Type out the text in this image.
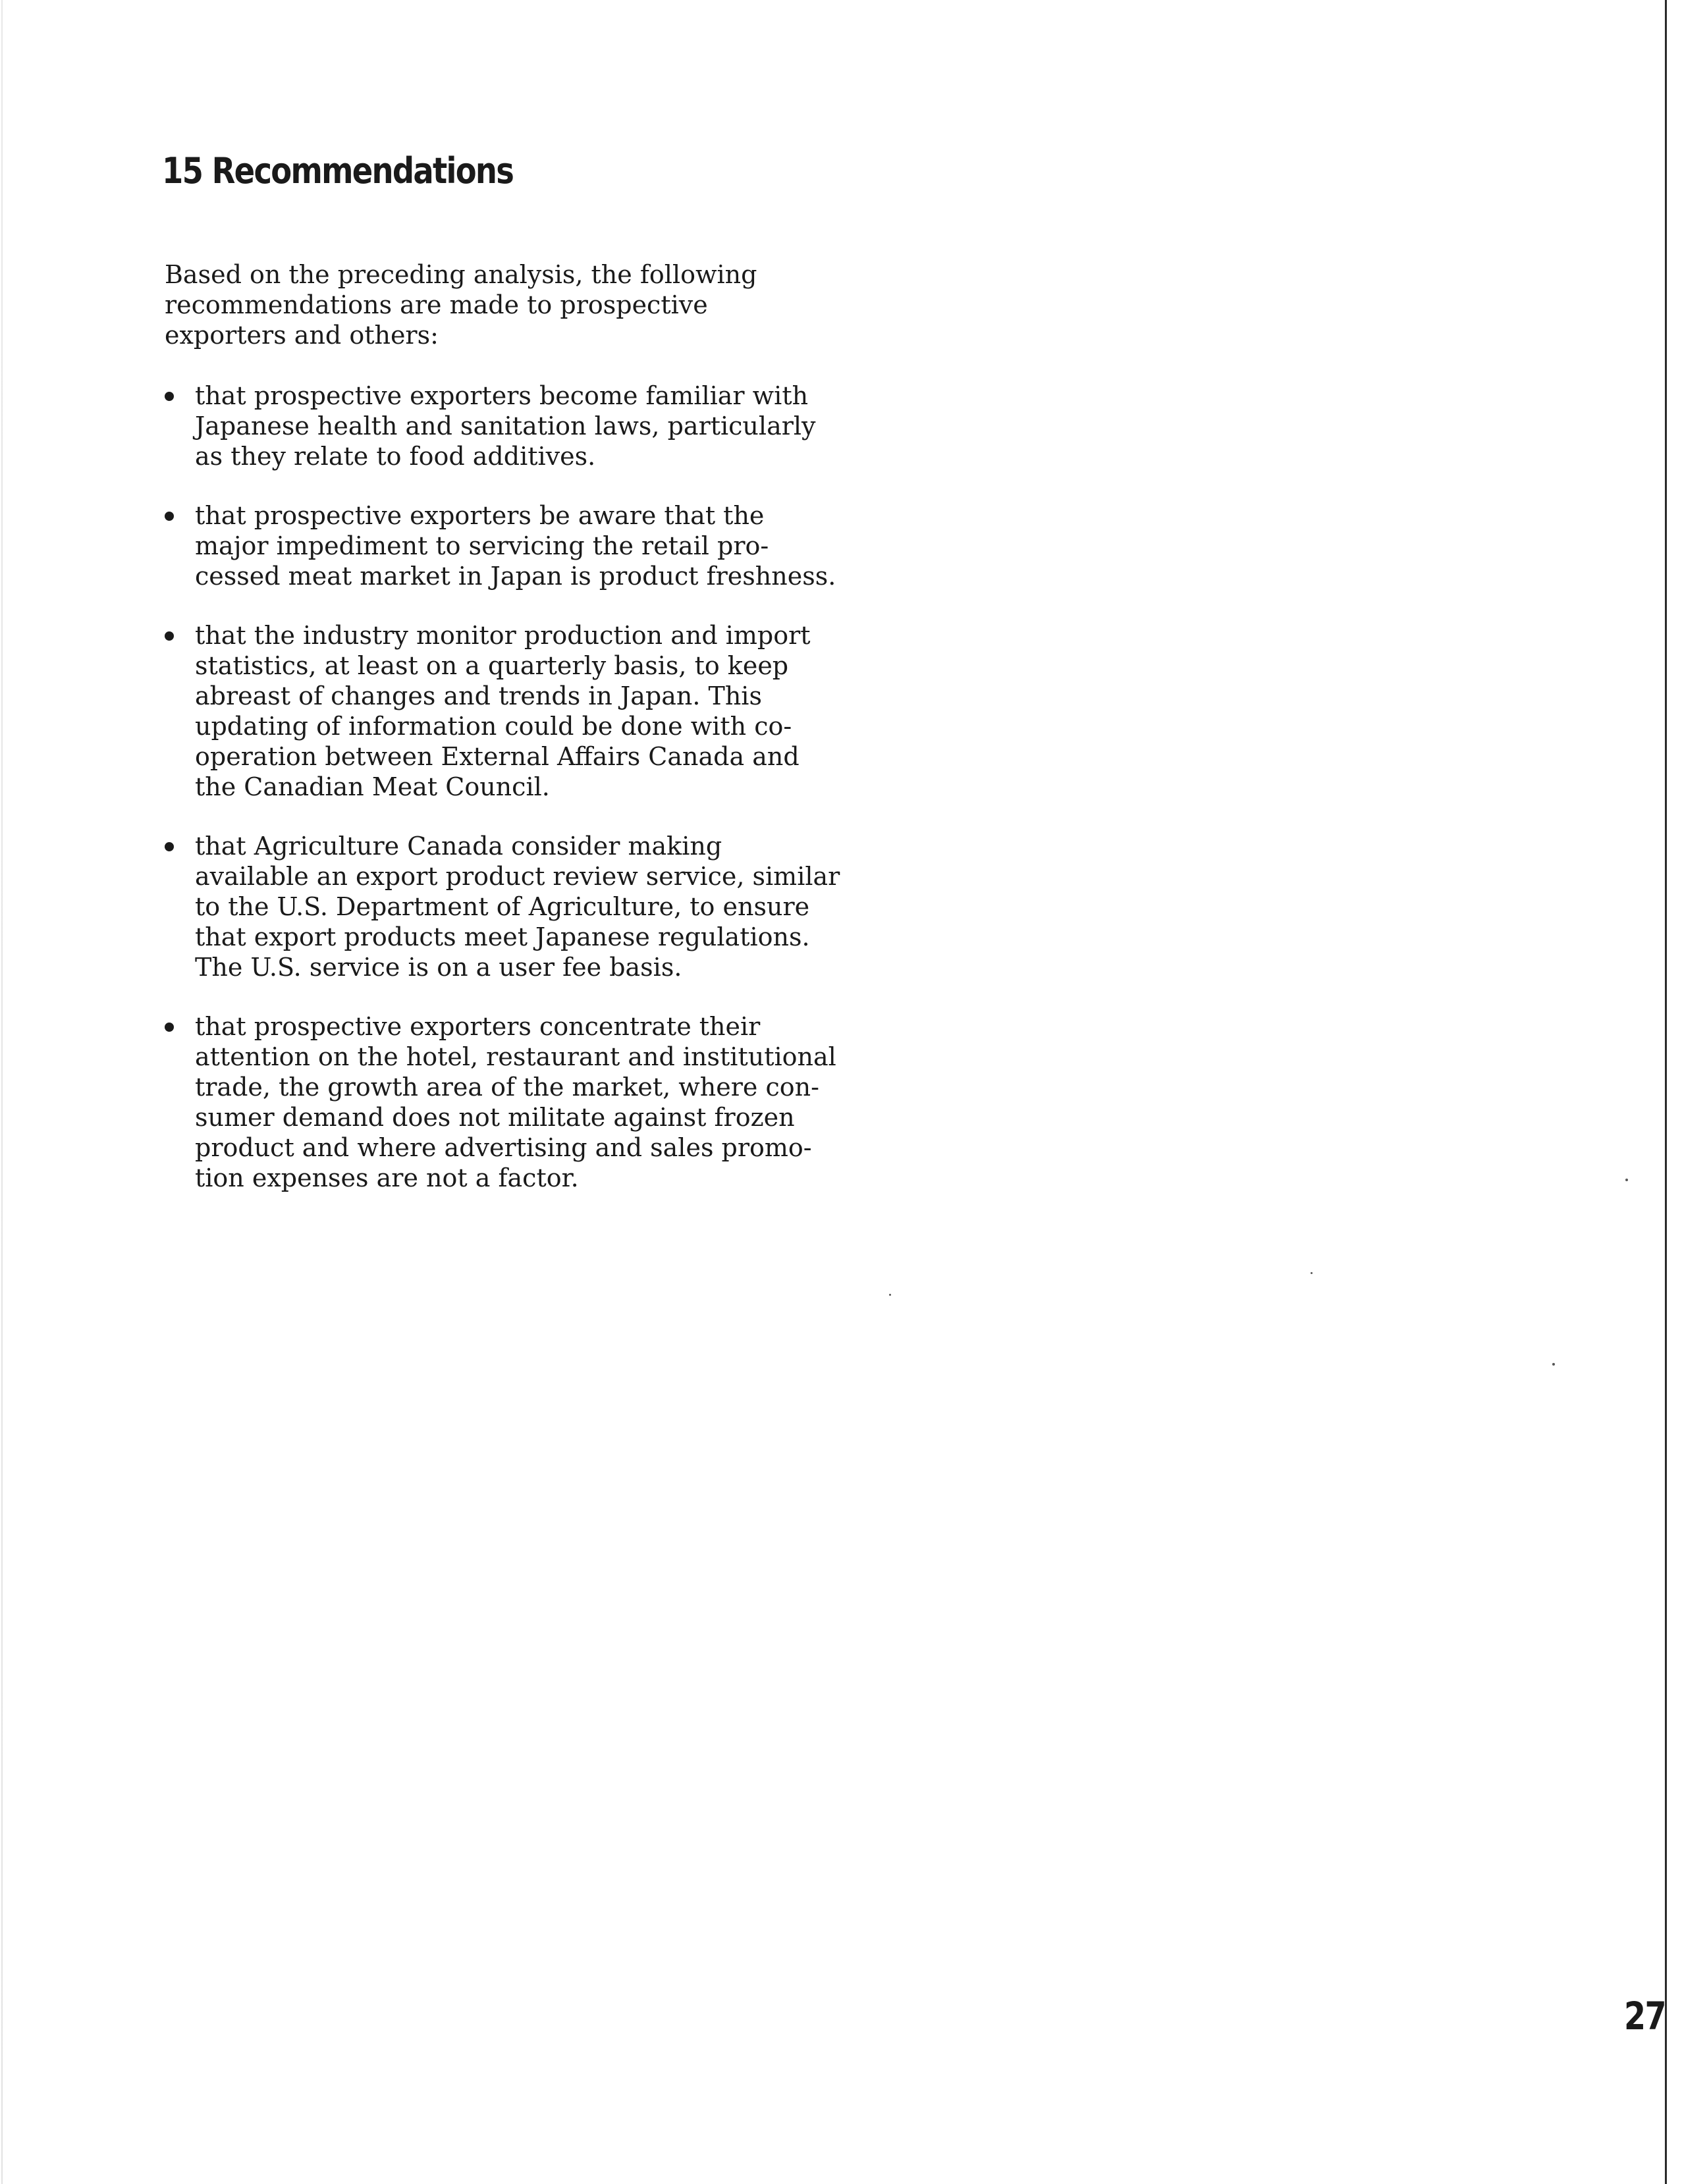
15 Recommendations
Based on the preceding analysis, the following recommendations are made to prospective exporters and others:
that prospective exporters become familiar with Japanese health and sanitation laws, particularly as they relate to food additives.
that prospective exporters be aware that the major impediment to servicing the retail pro-cessed meat market in Japan is product freshness.
that the industry monitor production and import statistics, at least on a quarterly basis, to keep abreast of changes and trends in Japan. This updating of information could be done with co-operation between External Affairs Canada and the Canadian Meat Council.
that Agriculture Canada consider making available an export product review service, similar to the U.S. Department of Agriculture, to ensure that export products meet Japanese regulations. The U.S. service is on a user fee basis.
that prospective exporters concentrate their attention on the hotel, restaurant and institutional trade, the growth area of the market, where con-sumer demand does not militate against frozen product and where advertising and sales promo-tion expenses are not a factor.
27
